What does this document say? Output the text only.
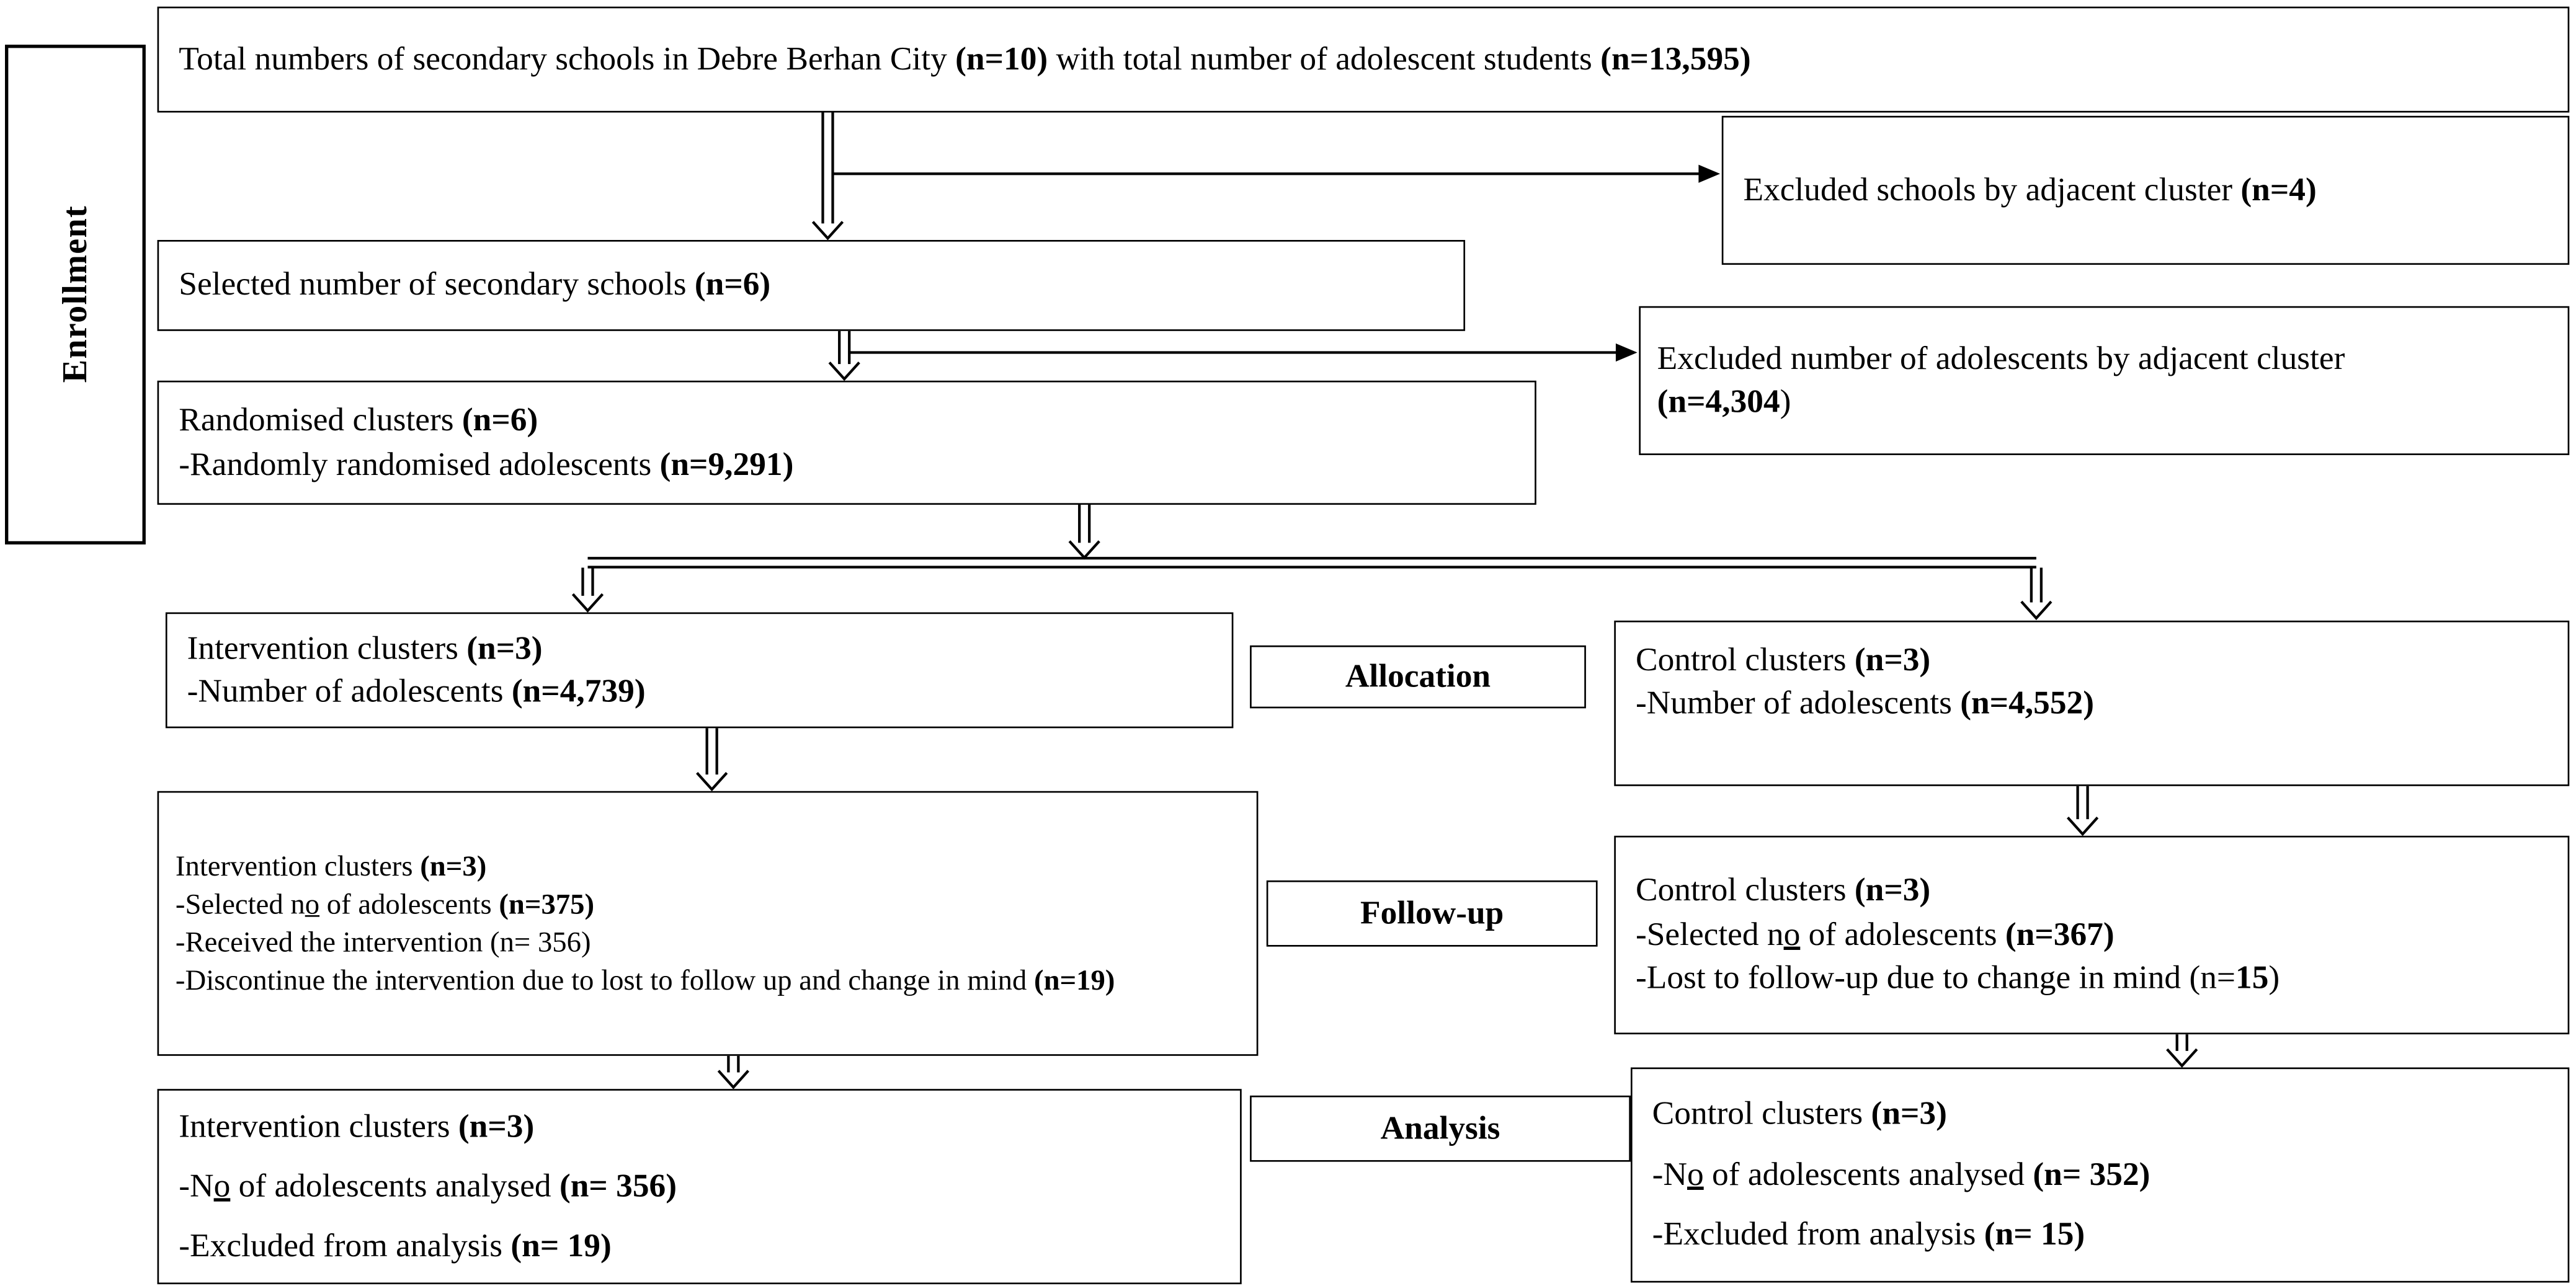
Enrollment
Total numbers of secondary schools in Debre Berhan City (n=10) with total number of adolescent students (n=13,595)
Excluded schools by adjacent cluster (n=4)
Selected number of secondary schools (n=6)
Excluded number of adolescents by adjacent cluster
(n=4,304)
Randomised clusters (n=6)
-Randomly randomised adolescents (n=9,291)
Intervention clusters (n=3)
-Number of adolescents (n=4,739)	Allocation	Control clusters (n=3)
-Number of adolescents (n=4,552)
Intervention clusters (n=3)
-Selected no of adolescents (n=375)
-Received the intervention (n= 356)
-Discontinue the intervention due to lost to follow up and change in mind (n=19)
Follow-up
Control clusters (n=3)
-Selected no of adolescents (n=367)
-Lost to follow-up due to change in mind (n=15)
Intervention clusters (n=3)
-No of adolescents analysed (n= 356)
-Excluded from analysis (n= 19)
Analysis	Control clusters (n=3)
-No of adolescents analysed (n= 352)
-Excluded from analysis (n= 15)
